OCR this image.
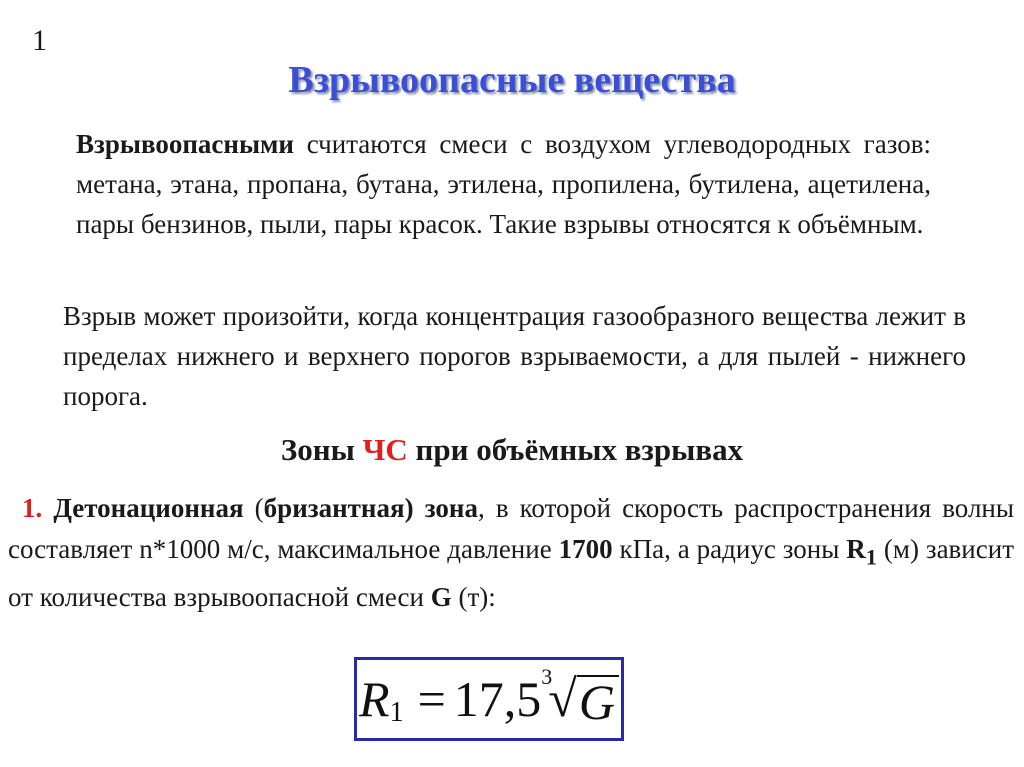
1
Взрывоопасные вещества

Взрывоопасными считаются смеси с воздухом углеводородных газов: метана, этана, пропана, бутана, этилена, пропилена, бутилена, ацетилена, пары бензинов, пыли, пары красок. Такие взрывы относятся к объёмным.

Взрыв может произойти, когда концентрация газообразного вещества лежит в пределах нижнего и верхнего порогов взрываемости, а для пылей - нижнего порога.

Зоны ЧС при объёмных взрывах

1. Детонационная (бризантная) зона, в которой скорость распространения волны составляет n*1000 м/с, максимальное давление 1700 кПа, а радиус зоны $R_1$ (м) зависит от количества взрывоопасной смеси G (т):

R 1 = 17,5 3
√ G
